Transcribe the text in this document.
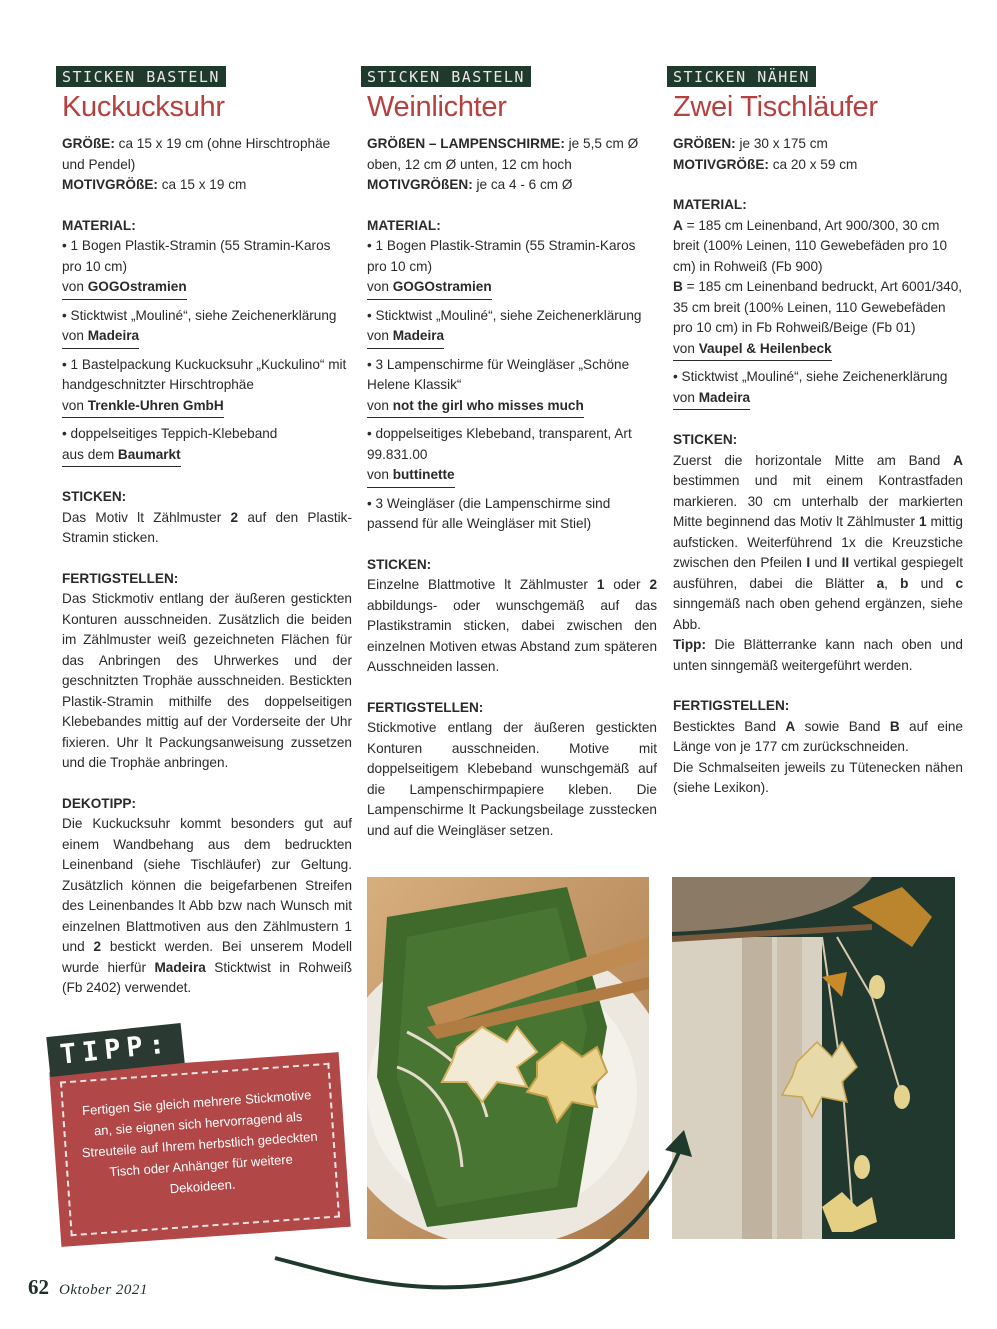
STICKEN BASTELN
Kuckucksuhr

GRÖßE: ca 15 x 19 cm (ohne Hirschtrophäe und Pendel)

MOTIVGRÖßE: ca 15 x 19 cm

MATERIAL:

• 1 Bogen Plastik-Stramin (55 Stramin-Karos pro 10 cm)

von GOGOstramien

• Sticktwist „Mouliné“, siehe Zeichenerklärung

von Madeira

• 1 Bastelpackung Kuckucksuhr „Kuckulino“ mit handgeschnitzter Hirschtrophäe

von Trenkle-Uhren GmbH

• doppelseitiges Teppich-Klebeband

aus dem Baumarkt

STICKEN:

Das Motiv lt Zählmuster 2 auf den Plastik-Stramin sticken.

FERTIGSTELLEN:

Das Stickmotiv entlang der äußeren gestickten Konturen ausschneiden. Zusätzlich die beiden im Zählmuster weiß gezeichneten Flächen für das Anbringen des Uhrwerkes und der geschnitzten Trophäe ausschneiden. Bestickten Plastik-Stramin mithilfe des doppelseitigen Klebebandes mittig auf der Vorderseite der Uhr fixieren. Uhr lt Packungsanweisung zussetzen und die Trophäe anbringen.

DEKOTIPP:

Die Kuckucksuhr kommt besonders gut auf einem Wandbehang aus dem bedruckten Leinenband (siehe Tischläufer) zur Geltung. Zusätzlich können die beigefarbenen Streifen des Leinenbandes lt Abb bzw nach Wunsch mit einzelnen Blattmotiven aus den Zählmustern 1 und 2 bestickt werden. Bei unserem Modell wurde hierfür Madeira Sticktwist in Rohweiß (Fb 2402) verwendet.

STICKEN BASTELN
Weinlichter

GRÖßEN – LAMPENSCHIRME: je 5,5 cm Ø oben, 12 cm Ø unten, 12 cm hoch

MOTIVGRÖßEN: je ca 4 - 6 cm Ø

MATERIAL:

• 1 Bogen Plastik-Stramin (55 Stramin-Karos pro 10 cm)

von GOGOstramien

• Sticktwist „Mouliné“, siehe Zeichenerklärung

von Madeira

• 3 Lampenschirme für Weingläser „Schöne Helene Klassik“

von not the girl who misses much

• doppelseitiges Klebeband, transparent, Art 99.831.00

von buttinette

• 3 Weingläser (die Lampenschirme sind passend für alle Weingläser mit Stiel)

STICKEN:

Einzelne Blattmotive lt Zählmuster 1 oder 2 abbildungs- oder wunschgemäß auf das Plastikstramin sticken, dabei zwischen den einzelnen Motiven etwas Abstand zum späteren Ausschneiden lassen.

FERTIGSTELLEN:

Stickmotive entlang der äußeren gestickten Konturen ausschneiden. Motive mit doppelseitigem Klebeband wunschgemäß auf die Lampenschirmpapiere kleben. Die Lampenschirme lt Packungsbeilage zusstecken und auf die Weingläser setzen.

STICKEN NÄHEN
Zwei Tischläufer

GRÖßEN: je 30 x 175 cm

MOTIVGRÖßE: ca 20 x 59 cm

MATERIAL:

A = 185 cm Leinenband, Art 900/300, 30 cm breit (100% Leinen, 110 Gewebefäden pro 10 cm) in Rohweiß (Fb 900)

B = 185 cm Leinenband bedruckt, Art 6001/340, 35 cm breit (100% Leinen, 110 Gewebefäden pro 10 cm) in Fb Rohweiß/Beige (Fb 01)

von Vaupel & Heilenbeck

• Sticktwist „Mouliné“, siehe Zeichenerklärung

von Madeira

STICKEN:

Zuerst die horizontale Mitte am Band A bestimmen und mit einem Kontrastfaden markieren. 30 cm unterhalb der markierten Mitte beginnend das Motiv lt Zählmuster 1 mittig aufsticken. Weiterführend 1x die Kreuzstiche zwischen den Pfeilen I und II vertikal gespiegelt ausführen, dabei die Blätter a, b und c sinngemäß nach oben gehend ergänzen, siehe Abb.

Tipp: Die Blätterranke kann nach oben und unten sinngemäß weitergeführt werden.

FERTIGSTELLEN:

Besticktes Band A sowie Band B auf eine Länge von je 177 cm zurückschneiden.

Die Schmalseiten jeweils zu Tütenecken nähen (siehe Lexikon).

Fertigen Sie gleich mehrere Stickmotive an, sie eignen sich hervorragend als Streuteile auf Ihrem herbstlich gedeckten Tisch oder Anhänger für weitere Dekoideen.
TIPP:
62 Oktober 2021
